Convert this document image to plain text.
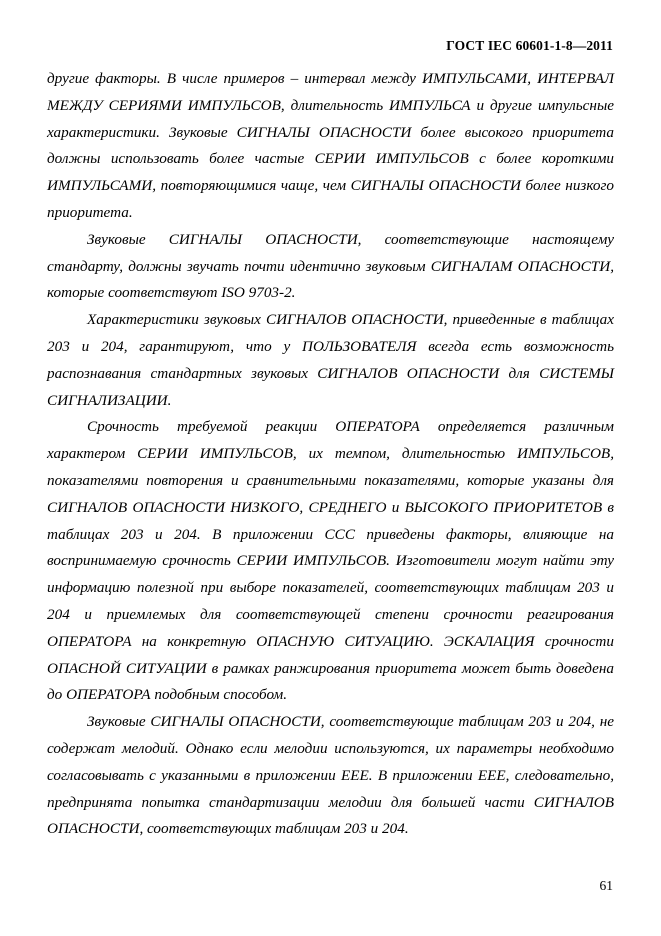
ГОСТ IEC 60601-1-8—2011

другие факторы. В числе примеров – интервал между ИМПУЛЬСАМИ, ИНТЕРВАЛ МЕЖДУ СЕРИЯМИ ИМПУЛЬСОВ, длительность ИМПУЛЬСА и другие импульсные характеристики. Звуковые СИГНАЛЫ ОПАСНОСТИ более высокого приоритета должны использовать более частые СЕРИИ ИМПУЛЬСОВ с более короткими ИМПУЛЬСАМИ, повторяющимися чаще, чем СИГНАЛЫ ОПАСНОСТИ более низкого приоритета.

Звуковые СИГНАЛЫ ОПАСНОСТИ, соответствующие настоящему стандарту, должны звучать почти идентично звуковым СИГНАЛАМ ОПАСНОСТИ, которые соответствуют ISO 9703-2.

Характеристики звуковых СИГНАЛОВ ОПАСНОСТИ, приведенные в таблицах 203 и 204, гарантируют, что у ПОЛЬЗОВАТЕЛЯ всегда есть возможность распознавания стандартных звуковых СИГНАЛОВ ОПАСНОСТИ для СИСТЕМЫ СИГНАЛИЗАЦИИ.

Срочность требуемой реакции ОПЕРАТОРА определяется различным характером СЕРИИ ИМПУЛЬСОВ, их темпом, длительностью ИМПУЛЬСОВ, показателями повторения и сравнительными показателями, которые указаны для СИГНАЛОВ ОПАСНОСТИ НИЗКОГО, СРЕДНЕГО и ВЫСОКОГО ПРИОРИТЕТОВ в таблицах 203 и 204. В приложении CCC приведены факторы, влияющие на воспринимаемую срочность СЕРИИ ИМПУЛЬСОВ. Изготовители могут найти эту информацию полезной при выборе показателей, соответствующих таблицам 203 и 204 и приемлемых для соответствующей степени срочности реагирования ОПЕРАТОРА на конкретную ОПАСНУЮ СИТУАЦИЮ. ЭСКАЛАЦИЯ срочности ОПАСНОЙ СИТУАЦИИ в рамках ранжирования приоритета может быть доведена до ОПЕРАТОРА подобным способом.

Звуковые СИГНАЛЫ ОПАСНОСТИ, соответствующие таблицам 203 и 204, не содержат мелодий. Однако если мелодии используются, их параметры необходимо согласовывать с указанными в приложении EEE. В приложении EEE, следовательно, предпринята попытка стандартизации мелодии для большей части СИГНАЛОВ ОПАСНОСТИ, соответствующих таблицам 203 и 204.

61
